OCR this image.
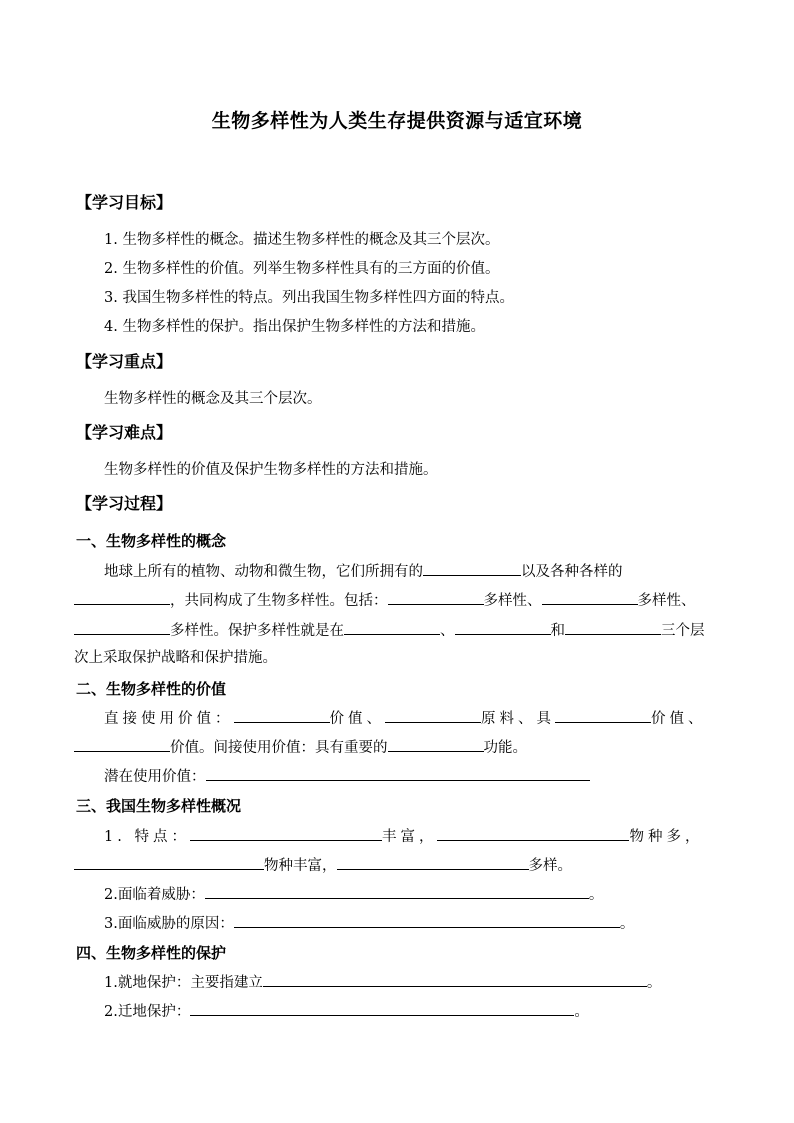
生物多样性为人类生存提供资源与适宜环境
【学习目标】
1. 生物多样性的概念。描述生物多样性的概念及其三个层次。
2. 生物多样性的价值。列举生物多样性具有的三方面的价值。
3. 我国生物多样性的特点。列出我国生物多样性四方面的特点。
4. 生物多样性的保护。指出保护生物多样性的方法和措施。
【学习重点】
生物多样性的概念及其三个层次。
【学习难点】
生物多样性的价值及保护生物多样性的方法和措施。
【学习过程】
一、生物多样性的概念
地球上所有的植物、动物和微生物，它们所拥有的	以及各种各样的
，共同构成了生物多样性。包括：	多样性、	多样性、
多样性。保护多样性就是在	、	和	三个层
次上采取保护战略和保护措施。
二、生物多样性的价值
直接使用价值：	价值、	原料、具	价值、
价值。间接使用价值：具有重要的	功能。
潜在使用价值：
三、我国生物多样性概况
1. 特点：	丰富，	物种多，
物种丰富，	多样。
2.面临着威胁：	。
3.面临威胁的原因：	。
四、生物多样性的保护
1.就地保护：主要指建立	。
2.迁地保护：	。
